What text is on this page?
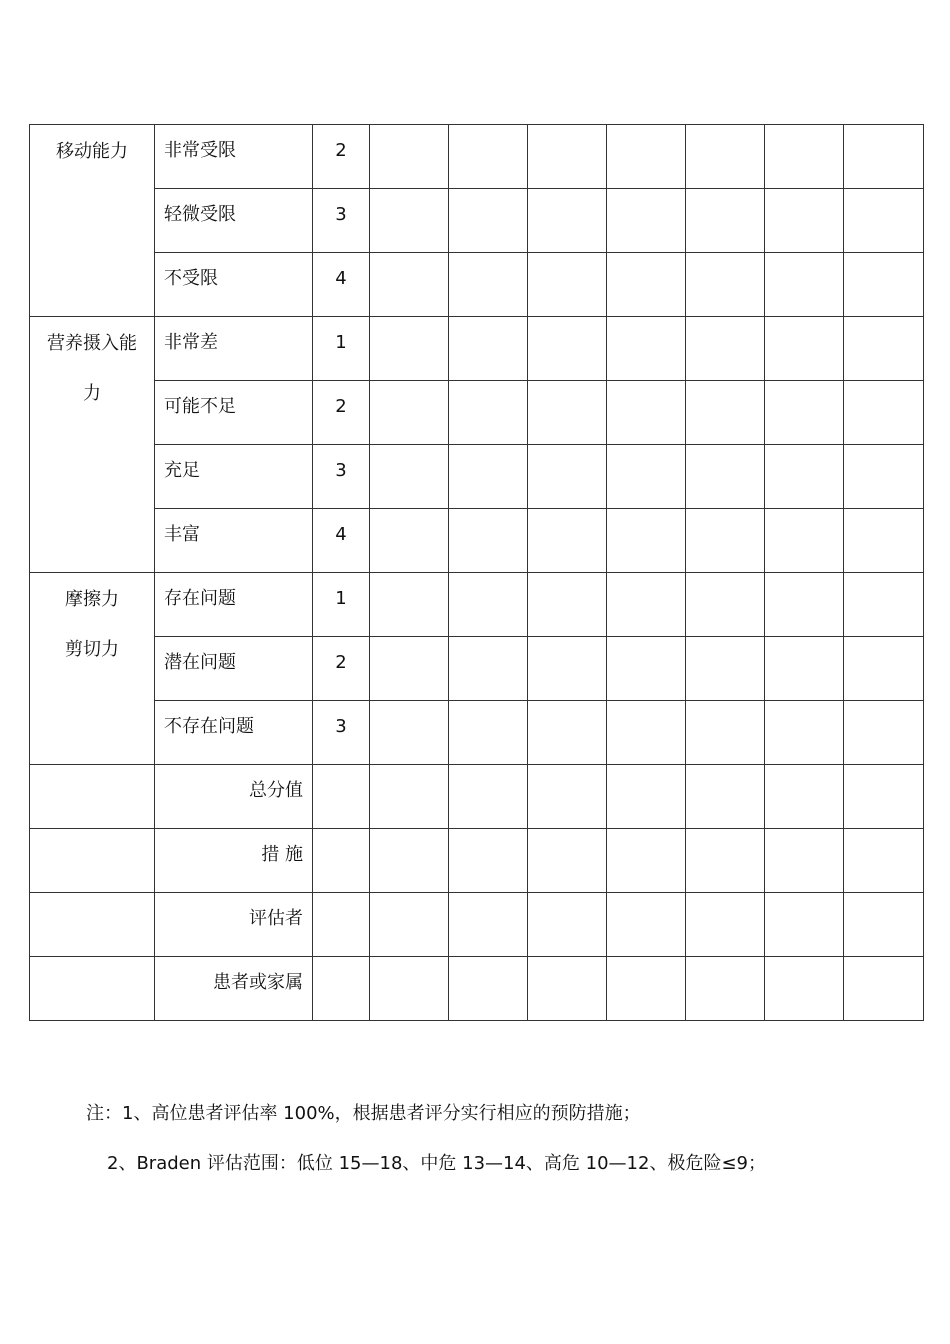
移动能力	非常受限	2							
	轻微受限	3							
	不受限	4							

营养摄入能
力	非常差	1							
	可能不足	2							
	充足	3							
	丰富	4							

摩擦力
剪切力	存在问题	1							
	潜在问题	2							
	不存在问题	3							
	总分值								
	措 施								
	评估者								
	患者或家属								
注：1、高位患者评估率 100%，根据患者评分实行相应的预防措施；
2、Braden 评估范围：低位 15—18、中危 13—14、高危 10—12、极危险≤9；
